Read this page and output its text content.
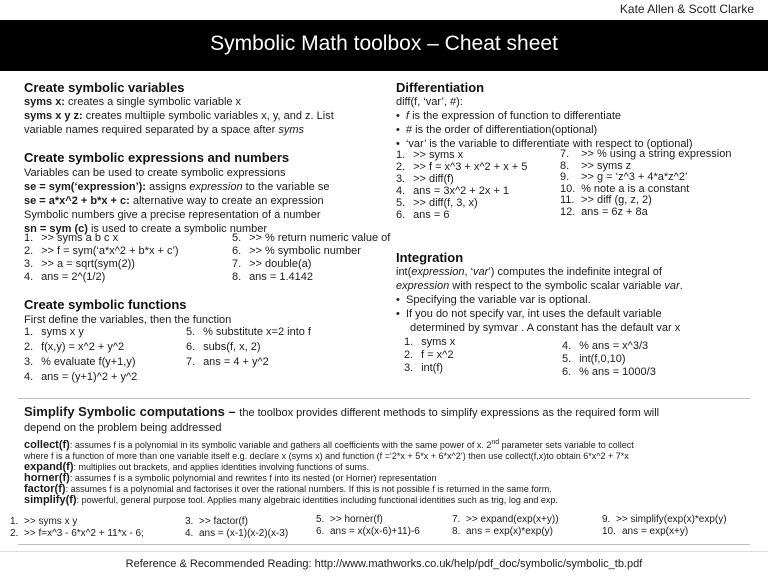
Kate Allen & Scott Clarke
Symbolic Math toolbox – Cheat sheet
Create symbolic variables
syms x: creates a single symbolic variable x
syms x y z: creates multiiple symbolic variables x, y, and z. List
variable names required separated by a space after syms
Create symbolic expressions and numbers
Variables can be used to create symbolic expressions
se = sym(‘expression’): assigns expression to the variable se
se = a*x^2 + b*x + c: alternative way to create an expression
Symbolic numbers give a precise representation of a number
sn = sym (c) is used to create a symbolic number
1. >> syms a b c x
2. >> f = sym(‘a*x^2 + b*x + c’)
3. >> a = sqrt(sym(2))
4. ans = 2^(1/2)
5. >> % return numeric value of
6. >> % symbolic number
7. >> double(a)
8. ans = 1.4142
Create symbolic functions
First define the variables, then the function
1. syms x y
2. f(x,y) = x^2 + y^2
3. % evaluate f(y+1,y)
4. ans = (y+1)^2 + y^2
5. % substitute x=2 into f
6. subs(f, x, 2)
7. ans = 4 + y^2
Differentiation
diff(f, ‘var’, #):
• f is the expression of function to differentiate
• # is the order of differentiation(optional)
• ‘var’ is the variable to differentiate with respect to (optional)
1. >> syms x
2. >> f = x^3 + x^2 + x + 5
3. >> diff(f)
4. ans = 3x^2 + 2x + 1
5. >> diff(f, 3, x)
6. ans = 6
7. >> % using a string expression
8. >> syms z
9. >> g = ‘z^3 + 4*a*z^2’
10. % note a is a constant
11. >> diff (g, z, 2)
12. ans = 6z + 8a
Integration
int(expression, ‘var’) computes the indefinite integral of
expression with respect to the symbolic scalar variable var.
• Specifying the variable var is optional.
• If you do not specify var, int uses the default variable
determined by symvar . A constant has the default var x
1. syms x
2. f = x^2
3. int(f)
4. % ans = x^3/3
5. int(f,0,10)
6. % ans = 1000/3
Simplify Symbolic computations – the toolbox provides different methods to simplify expressions as the required form will
depend on the problem being addressed
collect(f): assumes f is a polynomial in its symbolic variable and gathers all coefficients with the same power of x. 2nd parameter sets variable to collect
where f is a function of more than one variable itself e.g. declare x (syms x) and function (f =‘2*x + 5*x + 6*x^2’) then use collect(f,x)to obtain 6*x^2 + 7*x
expand(f): multiplies out brackets, and applies identities involving functions of sums.
horner(f): assumes f is a symbolic polynomial and rewrites f into its nested (or Horner) representation
factor(f): assumes f is a polynomial and factorises it over the rational numbers. If this is not possible f is returned in the same form.
simplify(f): powerful, general purpose tool. Applies many algebraic identities including functional identities such as trig, log and exp.
1. >> syms x y
2. >> f=x^3 - 6*x^2 + 11*x - 6;
3. >> factor(f)
4. ans = (x-1)(x-2)(x-3)
5. >> horner(f)
6. ans = x(x(x-6)+11)-6
7. >> expand(exp(x+y))
8. ans = exp(x)*exp(y)
9. >> simplify(exp(x)*exp(y)
10. ans = exp(x+y)
Reference & Recommended Reading: http://www.mathworks.co.uk/help/pdf_doc/symbolic/symbolic_tb.pdf
